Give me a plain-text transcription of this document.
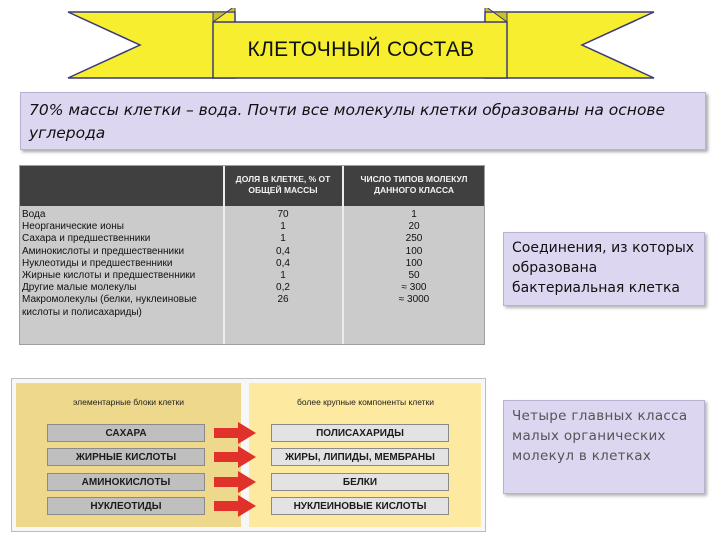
КЛЕТОЧНЫЙ СОСТАВ
70% массы клетки – вода. Почти все молекулы клетки образованы на основе углерода
ДОЛЯ В КЛЕТКЕ, % ОТ ОБЩЕЙ МАССЫ
ЧИСЛО ТИПОВ МОЛЕКУЛ ДАННОГО КЛАССА
Вода	70	1
Неорганические ионы	1	20
Сахара и предшественники	1	250
Аминокислоты и предшественники	0,4	100
Нуклеотиды и предшественники	0,4	100
Жирные кислоты и предшественники	1	50
Другие малые молекулы	0,2	≈ 300
Макромолекулы (белки, нуклеиновые	26	≈ 3000
кислоты и полисахариды)
Соединения, из которых образована бактериальная клетка
Четыре главных класса малых органических молекул в клетках
элементарные блоки клетки	более крупные компоненты клетки
САХАРА	ПОЛИСАХАРИДЫ
ЖИРНЫЕ КИСЛОТЫ	ЖИРЫ, ЛИПИДЫ, МЕМБРАНЫ
АМИНОКИСЛОТЫ	БЕЛКИ
НУКЛЕОТИДЫ	НУКЛЕИНОВЫЕ КИСЛОТЫ
